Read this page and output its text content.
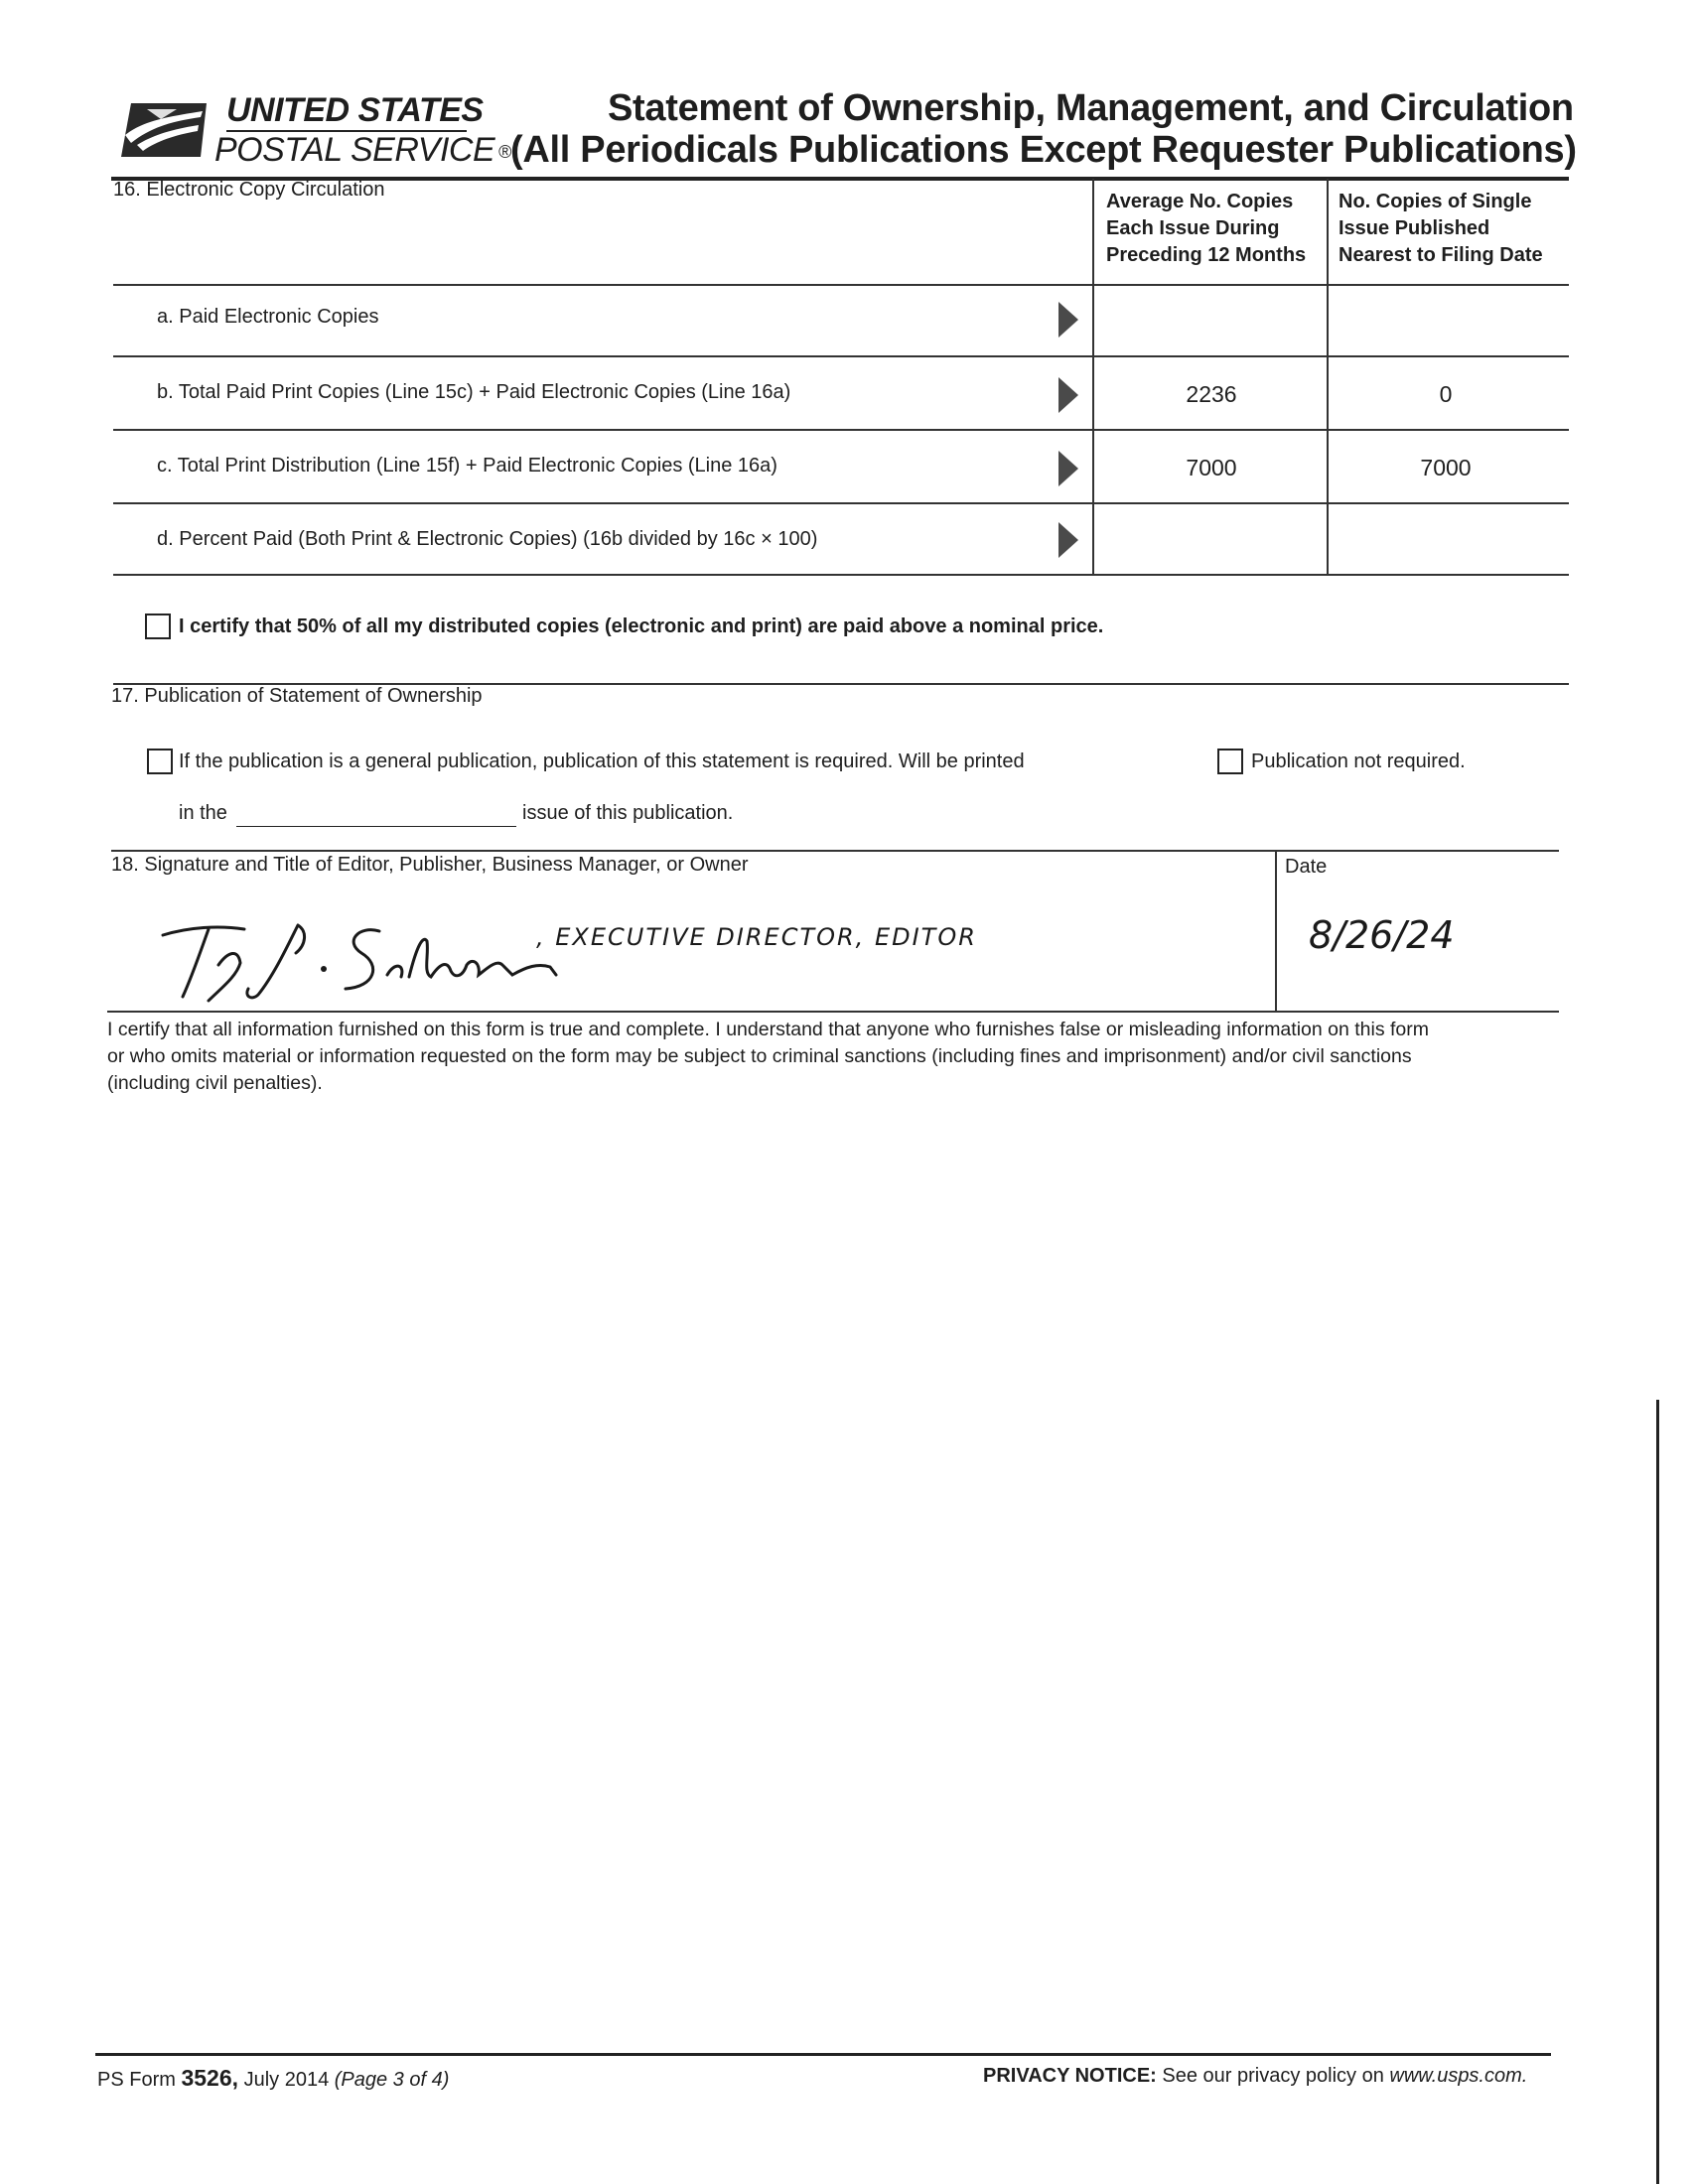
UNITED STATES
POSTAL SERVICE ®
Statement of Ownership, Management, and Circulation
(All Periodicals Publications Except Requester Publications)
16. Electronic Copy Circulation
Average No. Copies
Each Issue During
Preceding 12 Months
No. Copies of Single
Issue Published
Nearest to Filing Date
a. Paid Electronic Copies
b. Total Paid Print Copies (Line 15c) + Paid Electronic Copies (Line 16a)	2236	0
c. Total Print Distribution (Line 15f) + Paid Electronic Copies (Line 16a)	7000	7000
d. Percent Paid (Both Print & Electronic Copies) (16b divided by 16c × 100)
I certify that 50% of all my distributed copies (electronic and print) are paid above a nominal price.
17. Publication of Statement of Ownership
If the publication is a general publication, publication of this statement is required. Will be printed	Publication not required.
in the	issue of this publication.
18. Signature and Title of Editor, Publisher, Business Manager, or Owner	Date
, EXECUTIVE DIRECTOR, EDITOR	8/26/24
I certify that all information furnished on this form is true and complete. I understand that anyone who furnishes false or misleading information on this form
or who omits material or information requested on the form may be subject to criminal sanctions (including fines and imprisonment) and/or civil sanctions
(including civil penalties).
PS Form 3526, July 2014 (Page 3 of 4)	PRIVACY NOTICE: See our privacy policy on www.usps.com.
